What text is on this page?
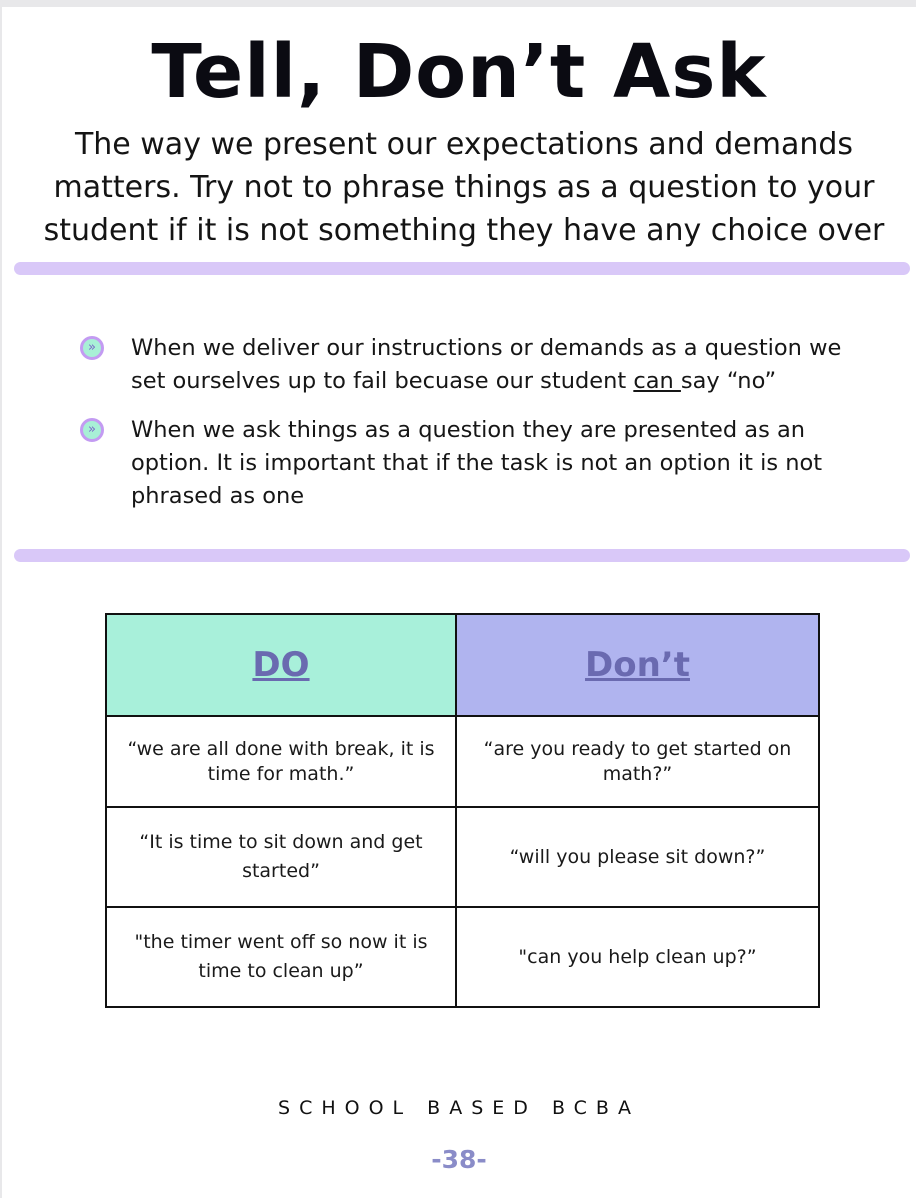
Tell, Don’t Ask

The way we present our expectations and demands matters. Try not to phrase things as a question to your student if it is not something they have any choice over

»	When we deliver our instructions or demands as a question we set ourselves up to fail becuase our student can say “no”
»	When we ask things as a question they are presented as an option. It is important that if the task is not an option it is not phrased as one
DO	Don’t
“we are all done with break, it is time for math.”	“are you ready to get started on math?”
“It is time to sit down and get started”	“will you please sit down?”
"the timer went off so now it is time to clean up”	"can you help clean up?”
SCHOOL BASED BCBA
-38-
